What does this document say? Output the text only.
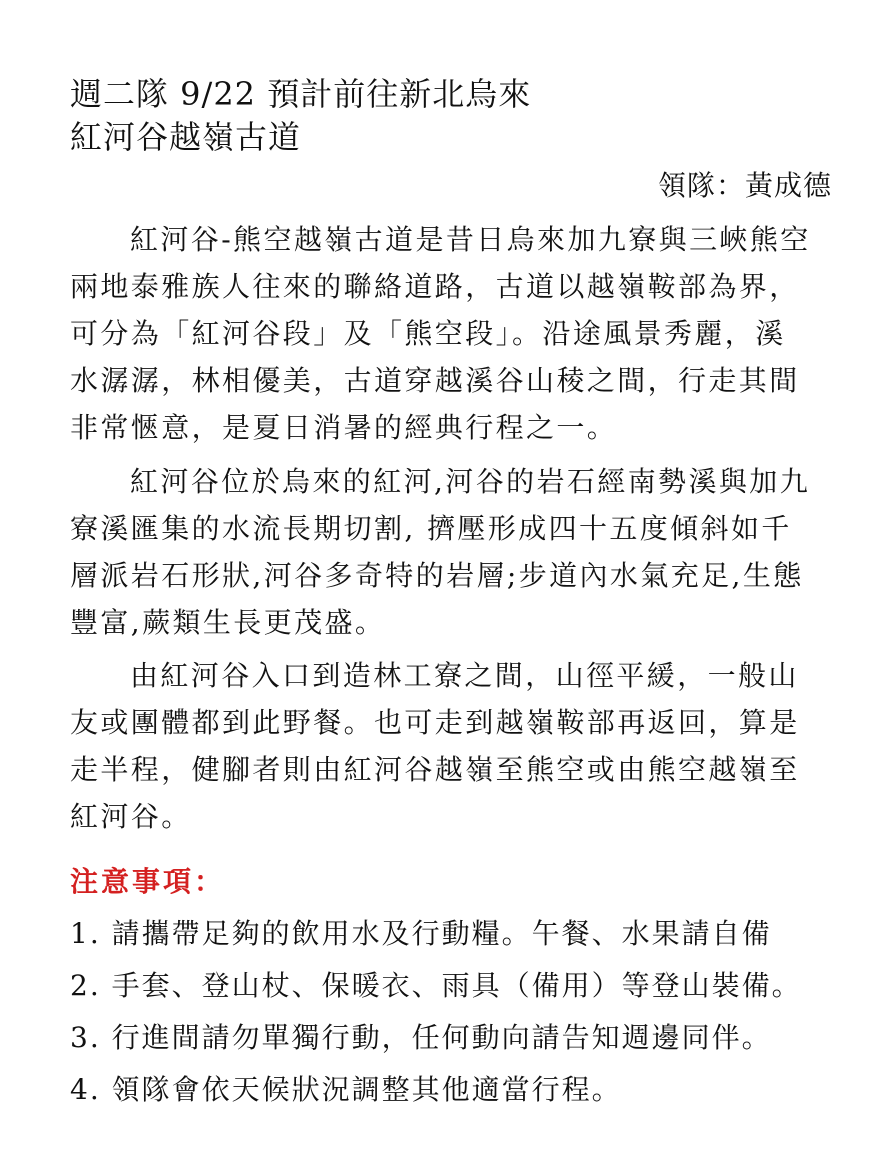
週二隊 9/22 預計前往新北烏來
紅河谷越嶺古道
領隊：黃成德
紅河谷-熊空越嶺古道是昔日烏來加九寮與三峽熊空
兩地泰雅族人往來的聯絡道路，古道以越嶺鞍部為界，
可分為「紅河谷段」及「熊空段」。沿途風景秀麗，溪
水潺潺，林相優美，古道穿越溪谷山稜之間，行走其間
非常愜意，是夏日消暑的經典行程之一。
紅河谷位於烏來的紅河,河谷的岩石經南勢溪與加九
寮溪匯集的水流長期切割, 擠壓形成四十五度傾斜如千
層派岩石形狀,河谷多奇特的岩層;步道內水氣充足,生態
豐富,蕨類生長更茂盛。
由紅河谷入口到造林工寮之間，山徑平緩，一般山
友或團體都到此野餐。也可走到越嶺鞍部再返回，算是
走半程，健腳者則由紅河谷越嶺至熊空或由熊空越嶺至
紅河谷。
注意事項：
1. 請攜帶足夠的飲用水及行動糧。午餐、水果請自備
2. 手套、登山杖、保暖衣、雨具（備用）等登山裝備。
3. 行進間請勿單獨行動，任何動向請告知週邊同伴。
4. 領隊會依天候狀況調整其他適當行程。
